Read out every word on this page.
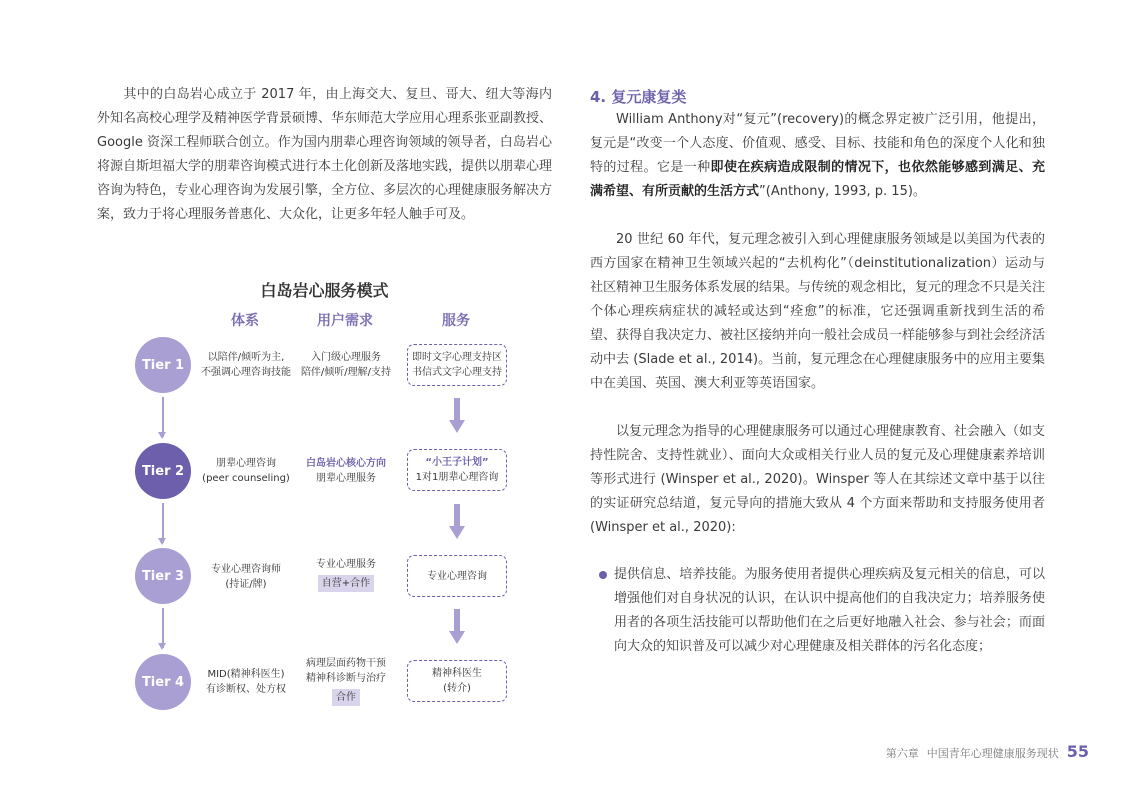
其中的白岛岩心成立于 2017 年，由上海交大、复旦、哥大、纽大等海内外知名高校心理学及精神医学背景硕博、华东师范大学应用心理系张亚副教授、Google 资深工程师联合创立。作为国内朋辈心理咨询领域的领导者，白岛岩心将源自斯坦福大学的朋辈咨询模式进行本土化创新及落地实践，提供以朋辈心理咨询为特色，专业心理咨询为发展引擎，全方位、多层次的心理健康服务解决方案，致力于将心理服务普惠化、大众化，让更多年轻人触手可及。
白岛岩心服务模式
体系	用户需求	服务
Tier 1
Tier 2
Tier 3
Tier 4
以陪伴/倾听为主,
不强调心理咨询技能
入门级心理服务
陪伴/倾听/理解/支持
即时文字心理支持区
书信式文字心理支持
朋辈心理咨询
(peer counseling)
白岛岩心核心方向
朋辈心理服务
“小王子计划”
1对1朋辈心理咨询
专业心理咨询师
(持证/牌)
专业心理服务
自营+合作
专业心理咨询
MID(精神科医生)
有诊断权、处方权
病理层面药物干预
精神科诊断与治疗
合作
精神科医生
(转介)
4. 复元康复类
William Anthony对“复元”(recovery)的概念界定被广泛引用，他提出，复元是“改变一个人态度、价值观、感受、目标、技能和角色的深度个人化和独特的过程。它是一种即使在疾病造成限制的情况下，也依然能够感到满足、充满希望、有所贡献的生活方式”(Anthony, 1993, p. 15)。
20 世纪 60 年代，复元理念被引入到心理健康服务领域是以美国为代表的西方国家在精神卫生领域兴起的“去机构化”（deinstitutionalization）运动与社区精神卫生服务体系发展的结果。与传统的观念相比，复元的理念不只是关注个体心理疾病症状的减轻或达到“痊愈”的标准，它还强调重新找到生活的希望、获得自我决定力、被社区接纳并向一般社会成员一样能够参与到社会经济活动中去 (Slade et al., 2014)。当前，复元理念在心理健康服务中的应用主要集中在美国、英国、澳大利亚等英语国家。
以复元理念为指导的心理健康服务可以通过心理健康教育、社会融入（如支持性院舍、支持性就业）、面向大众或相关行业人员的复元及心理健康素养培训等形式进行 (Winsper et al., 2020)。Winsper 等人在其综述文章中基于以往的实证研究总结道，复元导向的措施大致从 4 个方面来帮助和支持服务使用者 (Winsper et al., 2020):
提供信息、培养技能。为服务使用者提供心理疾病及复元相关的信息，可以增强他们对自身状况的认识，在认识中提高他们的自我决定力；培养服务使用者的各项生活技能可以帮助他们在之后更好地融入社会、参与社会；而面向大众的知识普及可以减少对心理健康及相关群体的污名化态度；
第六章 中国青年心理健康服务现状 55
